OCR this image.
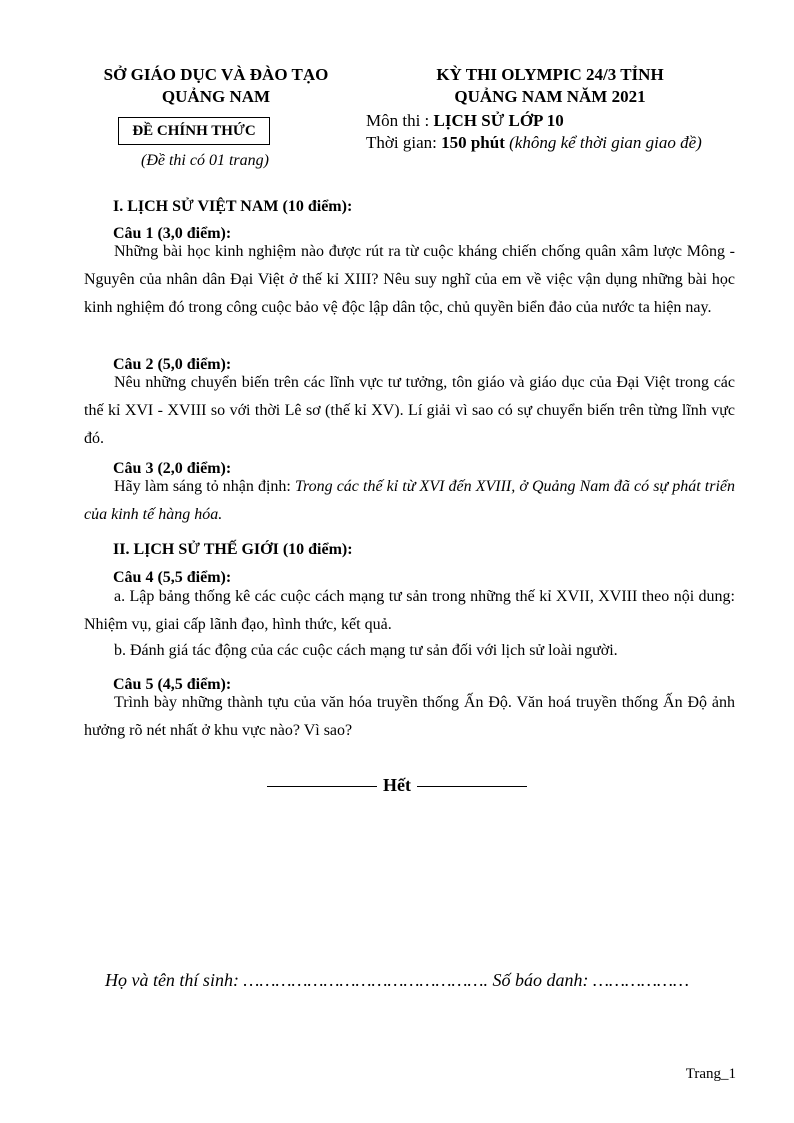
SỞ GIÁO DỤC VÀ ĐÀO TẠO
QUẢNG NAM
ĐỀ CHÍNH THỨC
(Đề thi có 01 trang)
KỲ THI OLYMPIC 24/3 TỈNH
QUẢNG NAM NĂM 2021
Môn thi : LỊCH SỬ LỚP 10
Thời gian: 150 phút (không kể thời gian giao đề)
I. LỊCH SỬ VIỆT NAM (10 điểm):
Câu 1 (3,0 điểm):

Những bài học kinh nghiệm nào được rút ra từ cuộc kháng chiến chống quân xâm lược Mông - Nguyên của nhân dân Đại Việt ở thế kỉ XIII? Nêu suy nghĩ của em về việc vận dụng những bài học kinh nghiệm đó trong công cuộc bảo vệ độc lập dân tộc, chủ quyền biển đảo của nước ta hiện nay.

Câu 2 (5,0 điểm):

Nêu những chuyển biến trên các lĩnh vực tư tưởng, tôn giáo và giáo dục của Đại Việt trong các thế kỉ XVI - XVIII so với thời Lê sơ (thế kỉ XV). Lí giải vì sao có sự chuyển biến trên từng lĩnh vực đó.

Câu 3 (2,0 điểm):

Hãy làm sáng tỏ nhận định: Trong các thế kỉ từ XVI đến XVIII, ở Quảng Nam đã có sự phát triển của kinh tế hàng hóa.

II. LỊCH SỬ THẾ GIỚI (10 điểm):
Câu 4 (5,5 điểm):

a. Lập bảng thống kê các cuộc cách mạng tư sản trong những thế kỉ XVII, XVIII theo nội dung: Nhiệm vụ, giai cấp lãnh đạo, hình thức, kết quả.

b. Đánh giá tác động của các cuộc cách mạng tư sản đối với lịch sử loài người.

Câu 5 (4,5 điểm):

Trình bày những thành tựu của văn hóa truyền thống Ấn Độ. Văn hoá truyền thống Ấn Độ ảnh hưởng rõ nét nhất ở khu vực nào? Vì sao?

Hết
Họ và tên thí sinh: ………………………………………. Số báo danh: ………………
Trang_1
